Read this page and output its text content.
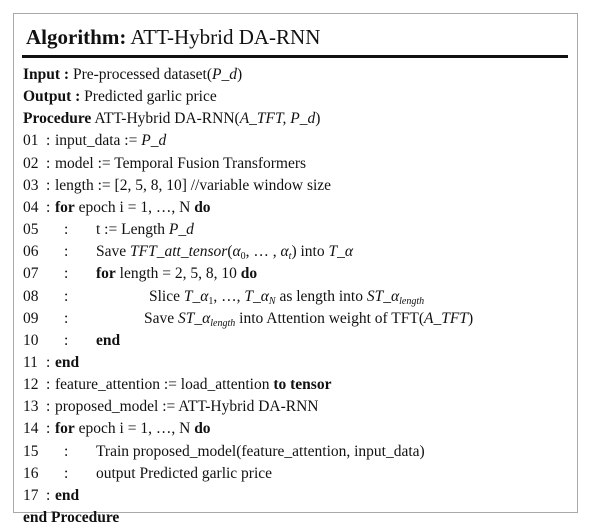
Algorithm: ATT-Hybrid DA-RNN
Input : Pre-processed dataset(P_d)
Output : Predicted garlic price
Procedure ATT-Hybrid DA-RNN(A_TFT, P_d)
01 : input_data := P_d
02 : model := Temporal Fusion Transformers
03 : length := [2, 5, 8, 10] //variable window size
04 : for epoch i = 1, …, N do
05 : t := Length P_d
06 : Save $TFT\_att\_tensor(\alpha_0$, … , $\alpha_t$) into T_α
07 : for length = 2, 5, 8, 10 do
08 :	Slice $T\_\alpha_1$, …, $T\_\alpha_N$ as length into $ST\_\alpha_{length}$
09 :	Save $ST\_\alpha_{length}$ into Attention weight of TFT(A_TFT)
10 : end
11 : end
12 : feature_attention := load_attention to tensor
13 : proposed_model := ATT-Hybrid DA-RNN
14 : for epoch i = 1, …, N do
15 : Train proposed_model(feature_attention, input_data)
16 : output Predicted garlic price
17 : end
end Procedure
